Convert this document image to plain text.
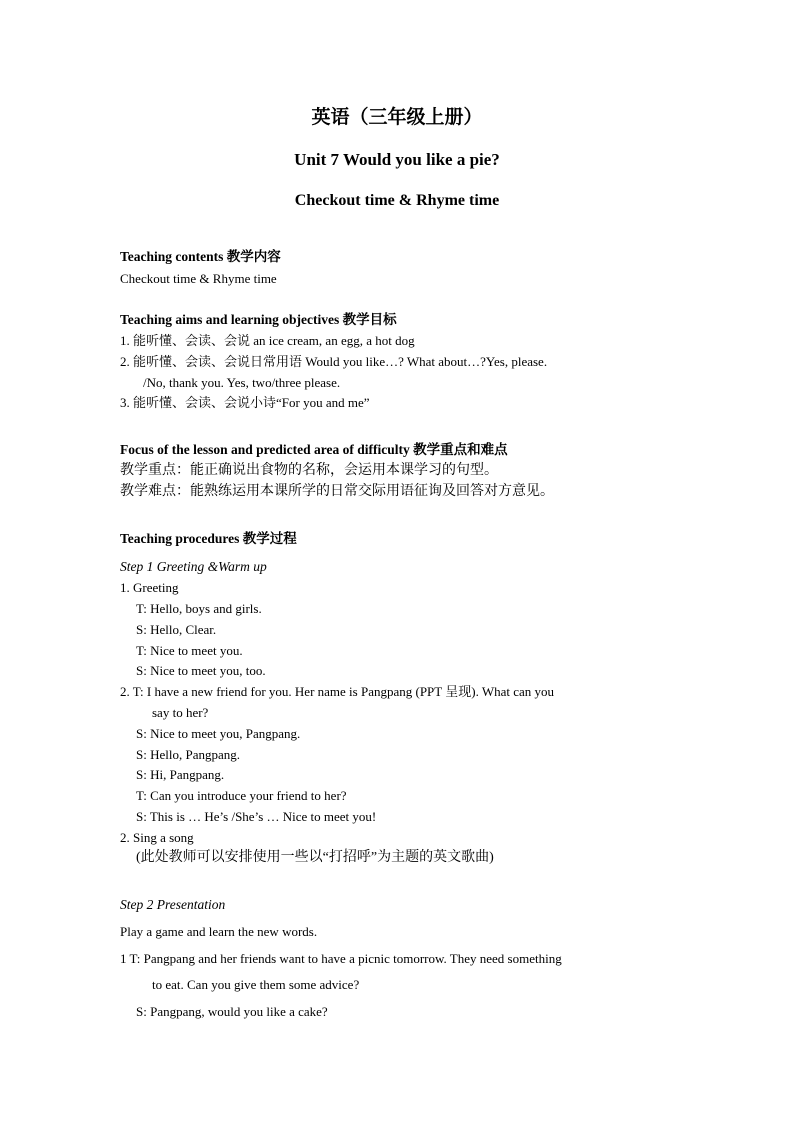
英语（三年级上册）
Unit 7 Would you like a pie?
Checkout time & Rhyme time
Teaching contents 教学内容
Checkout time & Rhyme time
Teaching aims and learning objectives 教学目标
1. 能听懂、会读、会说 an ice cream, an egg, a hot dog
2. 能听懂、会读、会说日常用语 Would you like…? What about…?Yes, please.
/No, thank you. Yes, two/three please.
3. 能听懂、会读、会说小诗“For you and me”
Focus of the lesson and predicted area of difficulty 教学重点和难点
教学重点：能正确说出食物的名称，会运用本课学习的句型。
教学难点：能熟练运用本课所学的日常交际用语征询及回答对方意见。
Teaching procedures 教学过程
Step 1 Greeting &Warm up
1. Greeting
T: Hello, boys and girls.
S: Hello, Clear.
T: Nice to meet you.
S: Nice to meet you, too.
2. T: I have a new friend for you. Her name is Pangpang (PPT 呈现). What can you
say to her?
S: Nice to meet you, Pangpang.
S: Hello, Pangpang.
S: Hi, Pangpang.
T: Can you introduce your friend to her?
S: This is … He’s /She’s … Nice to meet you!
2. Sing a song
(此处教师可以安排使用一些以“打招呼”为主题的英文歌曲)
Step 2 Presentation
Play a game and learn the new words.
1 T: Pangpang and her friends want to have a picnic tomorrow. They need something
to eat. Can you give them some advice?
S: Pangpang, would you like a cake?
